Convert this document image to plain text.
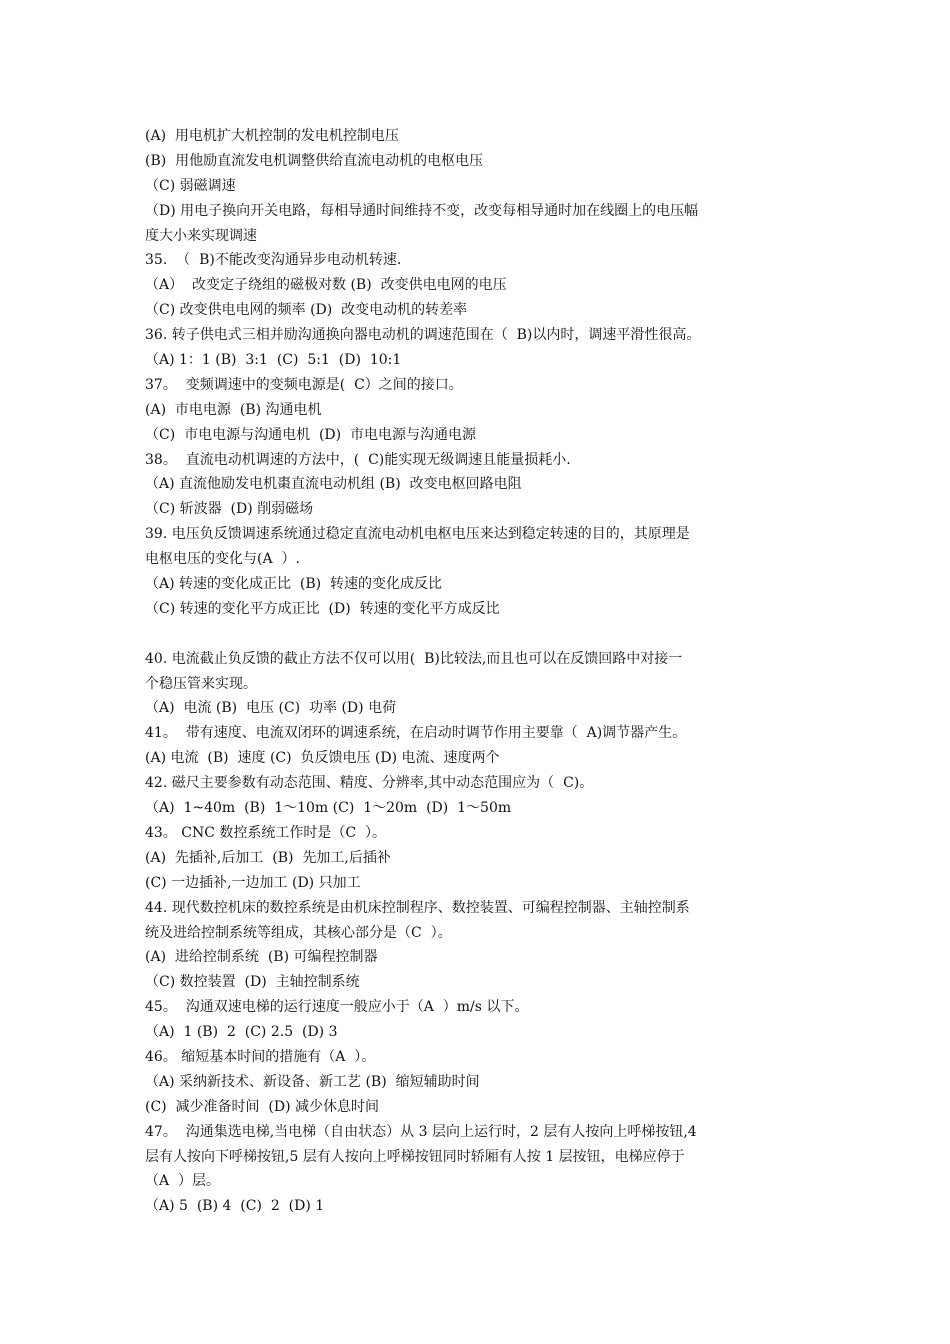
(A)  用电机扩大机控制的发电机控制电压
(B)  用他励直流发电机调整供给直流电动机的电枢电压
（C) 弱磁调速
（D) 用电子换向开关电路，每相导通时间维持不变，改变每相导通时加在线圈上的电压幅
度大小来实现调速
35.  （  B)不能改变沟通异步电动机转速.
（A）  改变定子绕组的磁极对数 (B)  改变供电电网的电压
（C) 改变供电电网的频率 (D)  改变电动机的转差率
36. 转子供电式三相并励沟通换向器电动机的调速范围在（  B)以内时，调速平滑性很高。
（A) 1：1 (B)  3:1  (C)  5:1  (D)  10:1
37。  变频调速中的变频电源是(  C）之间的接口。
(A)  市电电源  (B) 沟通电机
（C)  市电电源与沟通电机  (D)  市电电源与沟通电源
38。  直流电动机调速的方法中，(  C)能实现无级调速且能量损耗小.
（A) 直流他励发电机棗直流电动机组 (B)  改变电枢回路电阻
（C) 斩波器  (D) 削弱磁场
39. 电压负反馈调速系统通过稳定直流电动机电枢电压来达到稳定转速的目的，其原理是
电枢电压的变化与(A  ）.
（A) 转速的变化成正比  (B)  转速的变化成反比
（C) 转速的变化平方成正比  (D)  转速的变化平方成反比
40. 电流截止负反馈的截止方法不仅可以用(  B)比较法,而且也可以在反馈回路中对接一
个稳压管来实现。
（A)  电流 (B)  电压 (C)  功率 (D) 电荷
41。  带有速度、电流双闭环的调速系统，在启动时调节作用主要靠（  A)调节器产生。
(A) 电流  (B)  速度 (C)  负反馈电压 (D) 电流、速度两个
42. 磁尺主要参数有动态范围、精度、分辨率,其中动态范围应为（  C)。
（A)  1~40m  (B)  1～10m (C)  1～20m  (D)  1～50m
43。 CNC 数控系统工作时是（C  ）。
(A)  先插补,后加工  (B)  先加工,后插补
(C) 一边插补,一边加工 (D) 只加工
44. 现代数控机床的数控系统是由机床控制程序、数控装置、可编程控制器、主轴控制系
统及进给控制系统等组成，其核心部分是（C  ）。
(A)  进给控制系统  (B) 可编程控制器
（C) 数控装置  (D)  主轴控制系统
45。  沟通双速电梯的运行速度一般应小于（A  ）m/s 以下。
（A)  1 (B)  2  (C) 2.5  (D) 3
46。 缩短基本时间的措施有（A  ）。
（A) 采纳新技术、新设备、新工艺 (B)  缩短辅助时间
(C)  减少准备时间  (D) 减少休息时间
47。  沟通集选电梯,当电梯（自由状态）从 3 层向上运行时，2 层有人按向上呼梯按钮,4
层有人按向下呼梯按钮,5 层有人按向上呼梯按钮同时轿厢有人按 1 层按钮，电梯应停于
（A  ）层。
（A) 5  (B) 4  (C)  2  (D) 1
